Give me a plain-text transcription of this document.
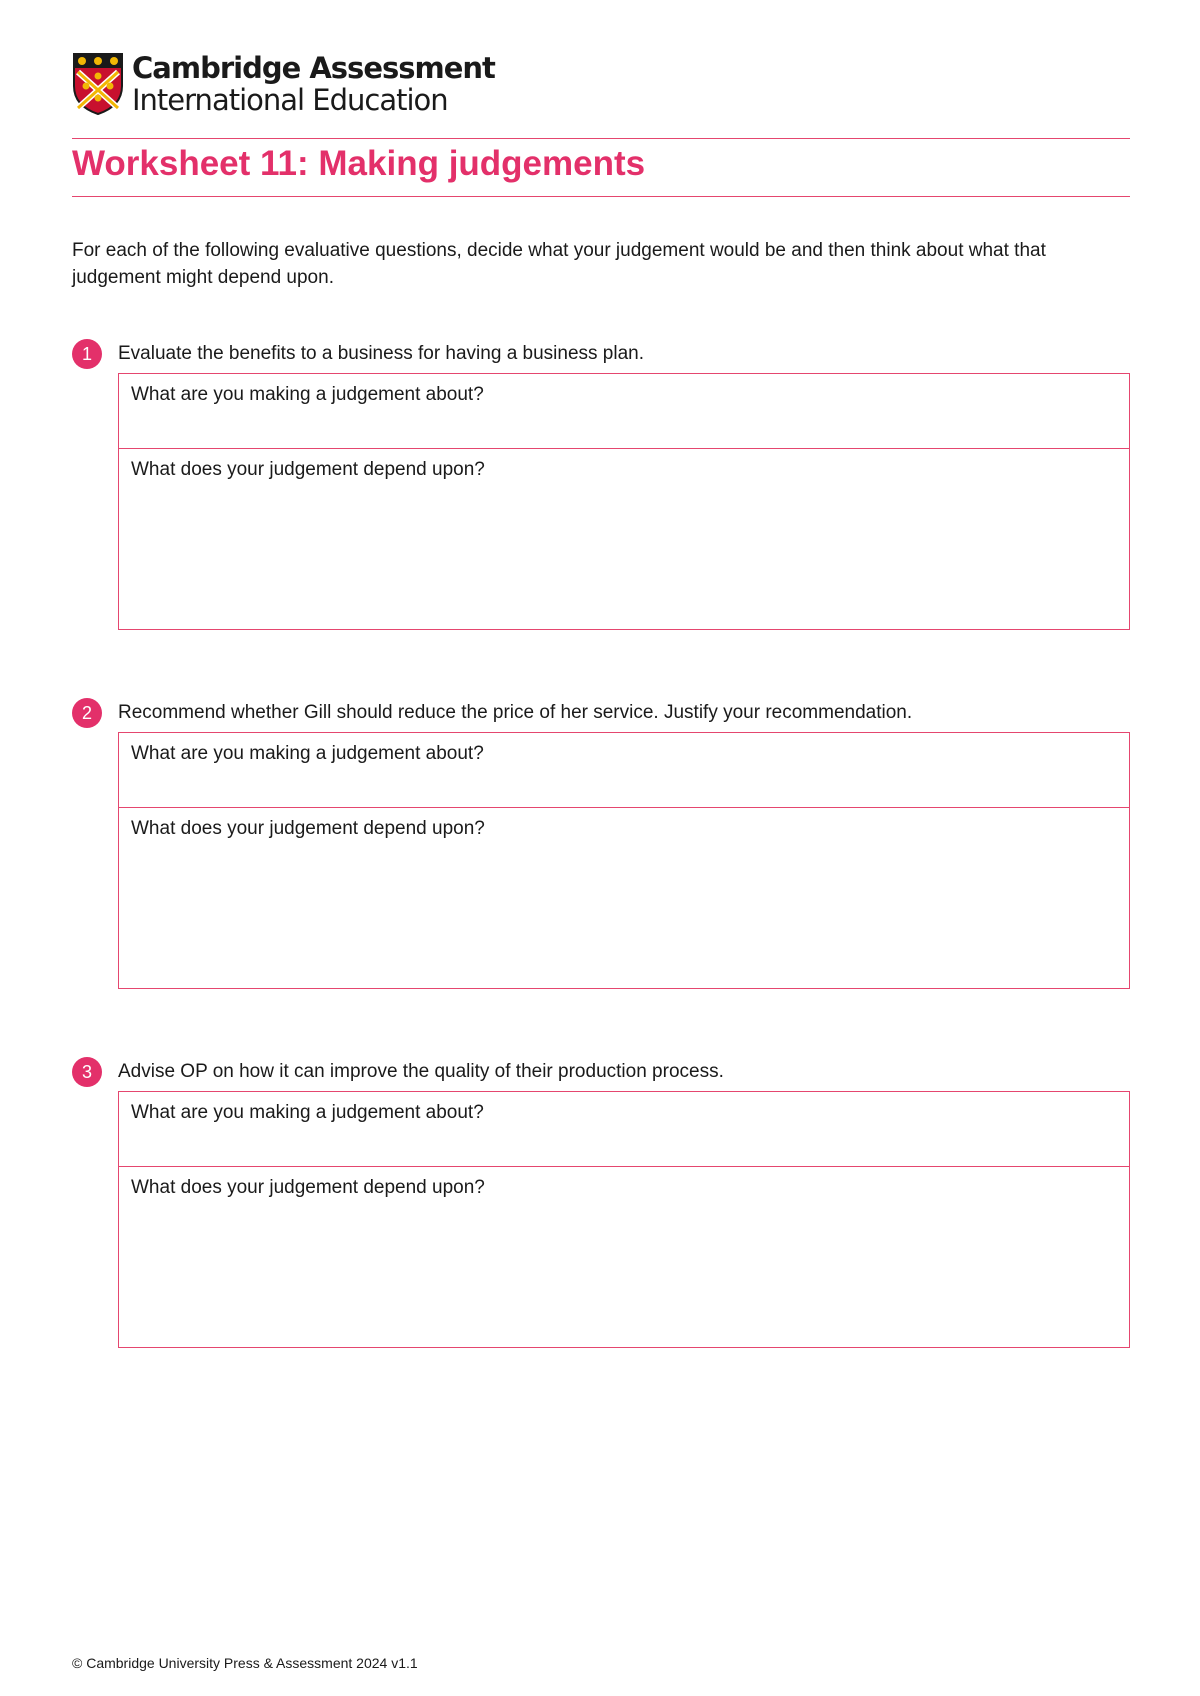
Cambridge Assessment
International Education
Worksheet 11: Making judgements

For each of the following evaluative questions, decide what your judgement would be and then think about what that judgement might depend upon.

1	Evaluate the benefits to a business for having a business plan.
What are you making a judgement about?
What does your judgement depend upon?
2	Recommend whether Gill should reduce the price of her service. Justify your recommendation.
What are you making a judgement about?
What does your judgement depend upon?
3	Advise OP on how it can improve the quality of their production process.
What are you making a judgement about?
What does your judgement depend upon?
© Cambridge University Press & Assessment 2024 v1.1
